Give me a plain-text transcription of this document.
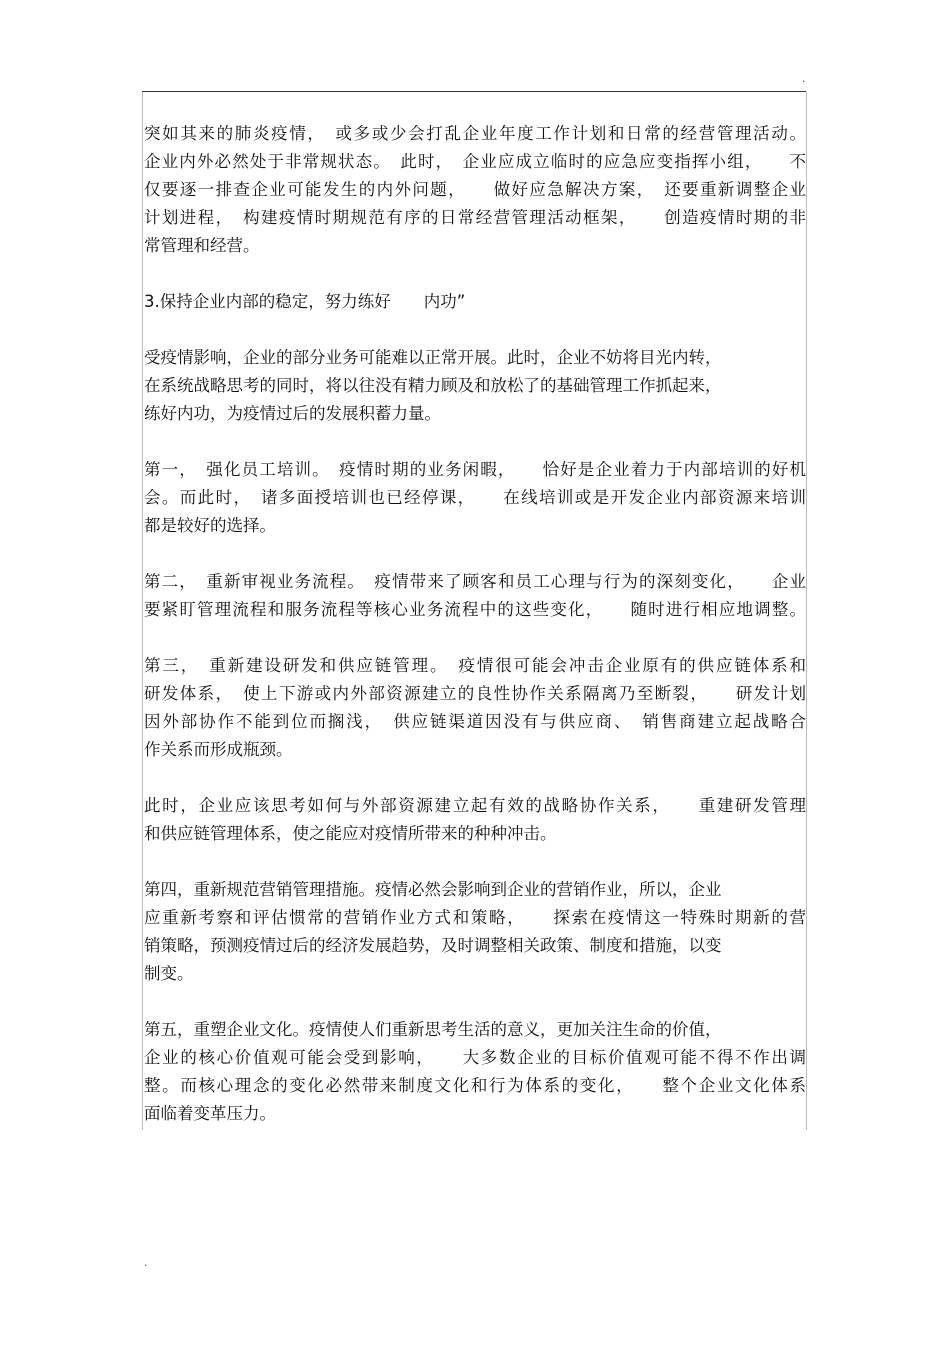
.
突如其来的肺炎疫情，　或多或少会打乱企业年度工作计划和日常的经营管理活动。
企业内外必然处于非常规状态。　此时，　企业应成立临时的应急应变指挥小组，　　不
仅要逐一排查企业可能发生的内外问题，　　做好应急解决方案，　还要重新调整企业
计划进程，　构建疫情时期规范有序的日常经营管理活动框架，　　创造疫情时期的非
常管理和经营。
3.保持企业内部的稳定，努力练好　　内功”
受疫情影响，企业的部分业务可能难以正常开展。此时，企业不妨将目光内转，
在系统战略思考的同时，将以往没有精力顾及和放松了的基础管理工作抓起来，
练好内功，为疫情过后的发展积蓄力量。
第一，　强化员工培训。　疫情时期的业务闲暇，　　恰好是企业着力于内部培训的好机
会。而此时，　诸多面授培训也已经停课，　　在线培训或是开发企业内部资源来培训
都是较好的选择。
第二，　重新审视业务流程。　疫情带来了顾客和员工心理与行为的深刻变化，　　企业
要紧盯管理流程和服务流程等核心业务流程中的这些变化，　　随时进行相应地调整。
第三，　重新建设研发和供应链管理。　疫情很可能会冲击企业原有的供应链体系和
研发体系，　使上下游或内外部资源建立的良性协作关系隔离乃至断裂，　　研发计划
因外部协作不能到位而搁浅，　供应链渠道因没有与供应商、　销售商建立起战略合
作关系而形成瓶颈。
此时，企业应该思考如何与外部资源建立起有效的战略协作关系，　　重建研发管理
和供应链管理体系，使之能应对疫情所带来的种种冲击。
第四，重新规范营销管理措施。疫情必然会影响到企业的营销作业，所以，企业
应重新考察和评估惯常的营销作业方式和策略，　　探索在疫情这一特殊时期新的营
销策略，预测疫情过后的经济发展趋势，及时调整相关政策、制度和措施，以变
制变。
第五，重塑企业文化。疫情使人们重新思考生活的意义，更加关注生命的价值，
企业的核心价值观可能会受到影响，　　大多数企业的目标价值观可能不得不作出调
整。而核心理念的变化必然带来制度文化和行为体系的变化，　　整个企业文化体系
面临着变革压力。
.
